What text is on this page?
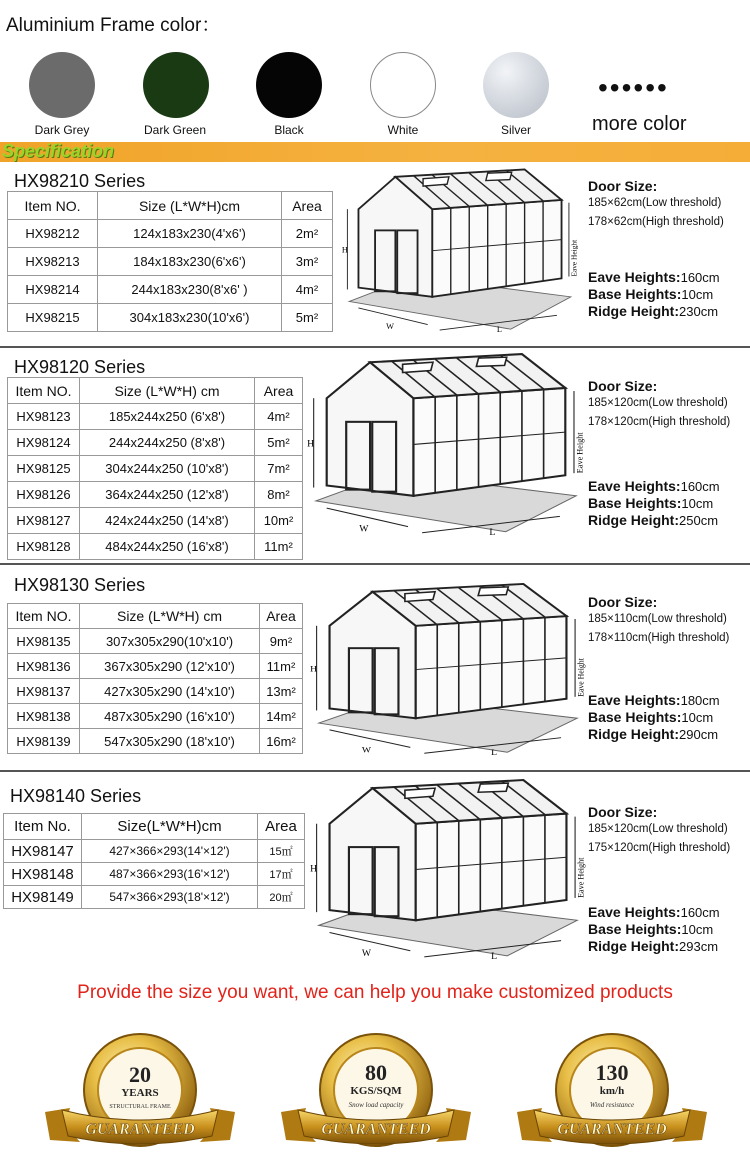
Aluminium Frame color：
Dark Grey	Dark Green	Black	White	Silver
••••••
more color
Specification
HX98210 Series
Item NO.	Size (L*W*H)cm	Area
HX98212	124x183x230(4'x6')	2m²
HX98213	184x183x230(6'x6')	3m²
HX98214	244x183x230(8'x6' )	4m²
HX98215	304x183x230(10'x6')	5m²
H
W	L
Eave Height
Door Size:
185×62cm(Low threshold)
178×62cm(High threshold)
Eave Heights:160cm
Base Heights:10cm
Ridge Height:230cm
HX98120 Series
Item NO.	Size (L*W*H) cm	Area
HX98123	185x244x250 (6'x8')	4m²
HX98124	244x244x250 (8'x8')	5m²
HX98125	304x244x250 (10'x8')	7m²
HX98126	364x244x250 (12'x8')	8m²
HX98127	424x244x250 (14'x8')	10m²
HX98128	484x244x250 (16'x8')	11m²
H
W	L
Eave Height
Door Size:
185×120cm(Low threshold)
178×120cm(High threshold)
Eave Heights:160cm
Base Heights:10cm
Ridge Height:250cm
HX98130 Series
Item NO.	Size (L*W*H) cm	Area
HX98135	307x305x290(10'x10')	9m²
HX98136	367x305x290 (12'x10')	11m²
HX98137	427x305x290 (14'x10')	13m²
HX98138	487x305x290 (16'x10')	14m²
HX98139	547x305x290 (18'x10')	16m²
H
W	L
Eave Height
Door Size:
185×110cm(Low threshold)
178×110cm(High threshold)
Eave Heights:180cm
Base Heights:10cm
Ridge Height:290cm
HX98140 Series
Item No.	Size(L*W*H)cm	Area
HX98147	427×366×293(14'×12')	15㎡
HX98148	487×366×293(16'×12')	17㎡
HX98149	547×366×293(18'×12')	20㎡
H
W	L
Eave Height
Door Size:
185×120cm(Low threshold)
175×120cm(High threshold)
Eave Heights:160cm
Base Heights:10cm
Ridge Height:293cm
Provide the size you want, we can help you make customized products
20
YEARS
STRUCTURAL FRAME
GUARANTEED
80
KGS/SQM
Snow load capacity
GUARANTEED
130
km/h
Wind resistance
GUARANTEED
